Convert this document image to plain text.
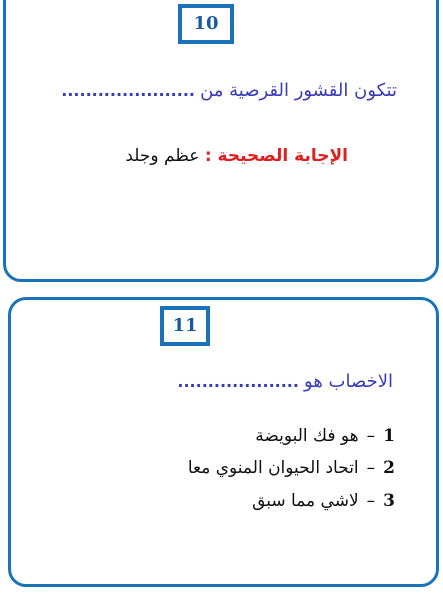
10
تتكون القشور القرصية من ......................
الإجابة الصحيحة : عظم وجلد
11
الاخصاب هو ....................
1–هو فك البويضة
2–اتحاد الحيوان المنوي معا
3–لاشي مما سبق
